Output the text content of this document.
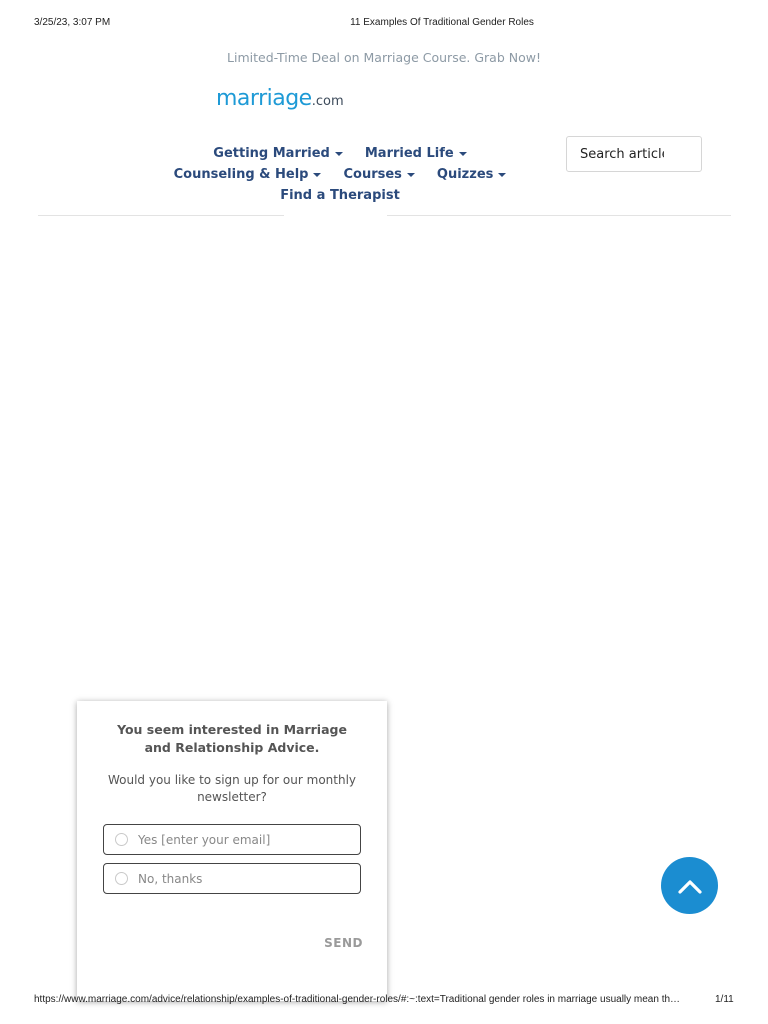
3/25/23, 3:07 PM	11 Examples Of Traditional Gender Roles
Limited-Time Deal on Marriage Course. Grab Now!
marriage.com
Getting Married	Married Life
Counseling & Help	Courses	Quizzes
Find a Therapist
Search articles
You seem interested in Marriage and Relationship Advice.
Would you like to sign up for our monthly newsletter?
Yes [enter your email]
No, thanks
SEND
https://www.marriage.com/advice/relationship/examples-of-traditional-gender-roles/#:~:text=Traditional gender roles in marriage usually mean th…	1/11
